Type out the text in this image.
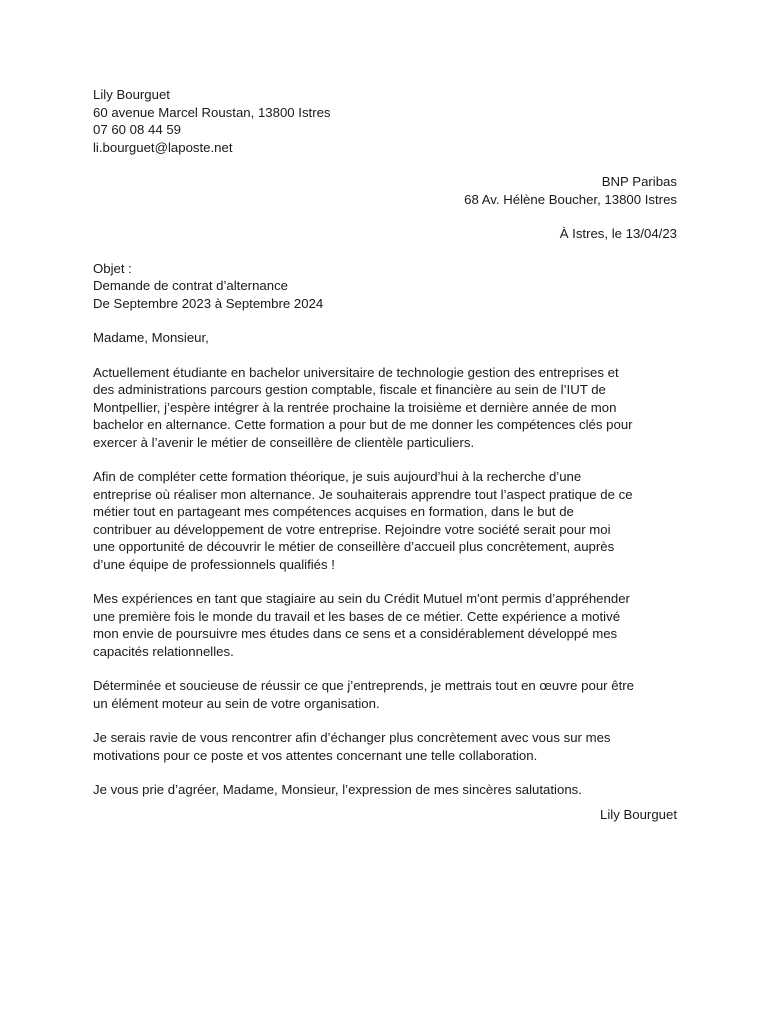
Lily Bourguet
60 avenue Marcel Roustan, 13800 Istres
07 60 08 44 59
li.bourguet@laposte.net
BNP Paribas
68 Av. Hélène Boucher, 13800 Istres
À Istres, le 13/04/23
Objet :
Demande de contrat d’alternance
De Septembre 2023 à Septembre 2024
Madame, Monsieur,
Actuellement étudiante en bachelor universitaire de technologie gestion des entreprises et
des administrations parcours gestion comptable, fiscale et financière au sein de l’IUT de
Montpellier, j’espère intégrer à la rentrée prochaine la troisième et dernière année de mon
bachelor en alternance. Cette formation a pour but de me donner les compétences clés pour
exercer à l’avenir le métier de conseillère de clientèle particuliers.
Afin de compléter cette formation théorique, je suis aujourd’hui à la recherche d’une
entreprise où réaliser mon alternance. Je souhaiterais apprendre tout l’aspect pratique de ce
métier tout en partageant mes compétences acquises en formation, dans le but de
contribuer au développement de votre entreprise. Rejoindre votre société serait pour moi
une opportunité de découvrir le métier de conseillère d’accueil plus concrètement, auprès
d’une équipe de professionnels qualifiés !
Mes expériences en tant que stagiaire au sein du Crédit Mutuel m'ont permis d’appréhender
une première fois le monde du travail et les bases de ce métier. Cette expérience a motivé
mon envie de poursuivre mes études dans ce sens et a considérablement développé mes
capacités relationnelles.
Déterminée et soucieuse de réussir ce que j’entreprends, je mettrais tout en œuvre pour être
un élément moteur au sein de votre organisation.
Je serais ravie de vous rencontrer afin d’échanger plus concrètement avec vous sur mes
motivations pour ce poste et vos attentes concernant une telle collaboration.
Je vous prie d’agréer, Madame, Monsieur, l’expression de mes sincères salutations.
Lily Bourguet
